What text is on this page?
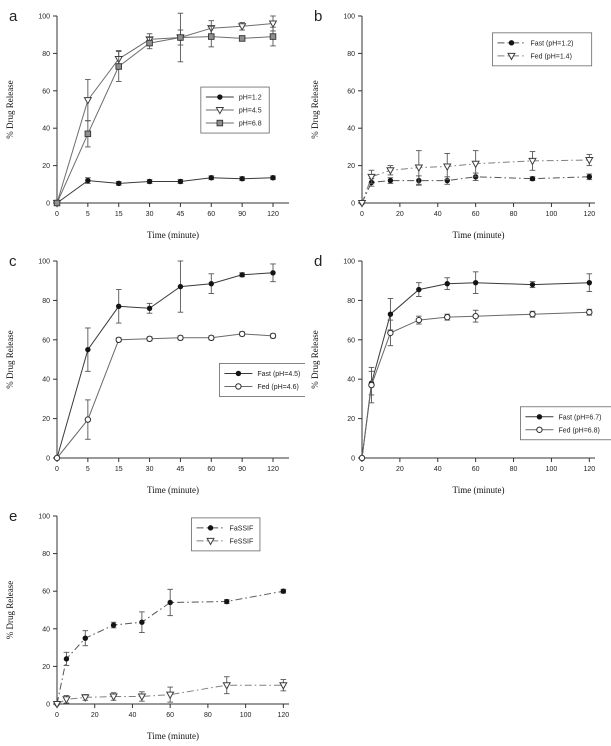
a
0
20
40
60
80
100
0	5	15	30	45	60	90	120
Time (minute)
% Drug Release	pH=1.2
pH=4.5
pH=6.8
b
0
20
40
60
80
100
0	20	40	60	80	100	120
Time (minute)
% Drug Release
Fast (pH=1.2)
Fed (pH=1.4)
c
0
20
40
60
80
100
0	5	15	30	45	60	90	120
Time (minute)
% Drug Release	Fast (pH=4.5)
Fed (pH=4.6)
d
0
20
40
60
80
100
0	20	40	60	80	100	120
Time (minute)
% Drug Release
Fast (pH=6.7)
Fed (pH=6.8)
e
0
20
40
60
80
100
0	20	40	60	80	100	120
Time (minute)
% Drug Release
FaSSIF
FeSSIF
